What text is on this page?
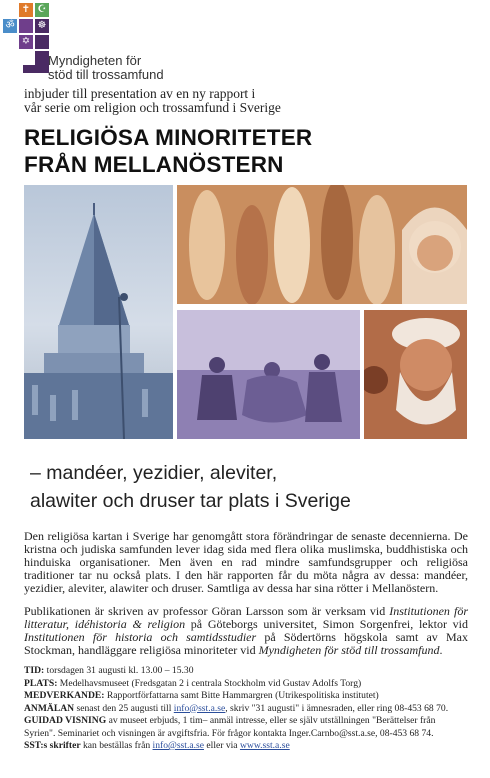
✝ ☪
ॐ ☸
✡
Myndigheten för
stöd till trossamfund
inbjuder till presentation av en ny rapport i
vår serie om religion och trossamfund i Sverige
RELIGIÖSA MINORITETER
FRÅN MELLANÖSTERN
– mandéer, yezidier, aleviter,
alawiter och druser tar plats i Sverige
Den religiösa kartan i Sverige har genomgått stora förändringar de senaste decennierna. De kristna och judiska samfunden lever idag sida med flera olika muslimska, buddhistiska och hinduiska organisationer. Men även en rad mindre samfundsgrupper och religiösa traditioner tar nu också plats. I den här rapporten får du möta några av dessa: mandéer, yezidier, aleviter, alawiter och druser. Samtliga av dessa har sina rötter i Mellanöstern.
Publikationen är skriven av professor Göran Larsson som är verksam vid Institutionen för litteratur, idéhistoria & religion på Göteborgs universitet, Simon Sorgenfrei, lektor vid Institutionen för historia och samtidsstudier på Södertörns högskola samt av Max Stockman, handläggare religiösa minoriteter vid Myndigheten för stöd till trossamfund.
TID: torsdagen 31 augusti kl. 13.00 – 15.30
PLATS: Medelhavsmuseet (Fredsgatan 2 i centrala Stockholm vid Gustav Adolfs Torg)
MEDVERKANDE: Rapportförfattarna samt Bitte Hammargren (Utrikespolitiska institutet)
ANMÄLAN senast den 25 augusti till info@sst.a.se, skriv "31 augusti" i ämnesraden, eller ring 08-453 68 70.
GUIDAD VISNING av museet erbjuds, 1 tim– anmäl intresse, eller se själv utställningen "Berättelser från
Syrien". Seminariet och visningen är avgiftsfria. För frågor kontakta Inger.Carnbo@sst.a.se, 08-453 68 74.
SST:s skrifter kan beställas från info@sst.a.se eller via www.sst.a.se
